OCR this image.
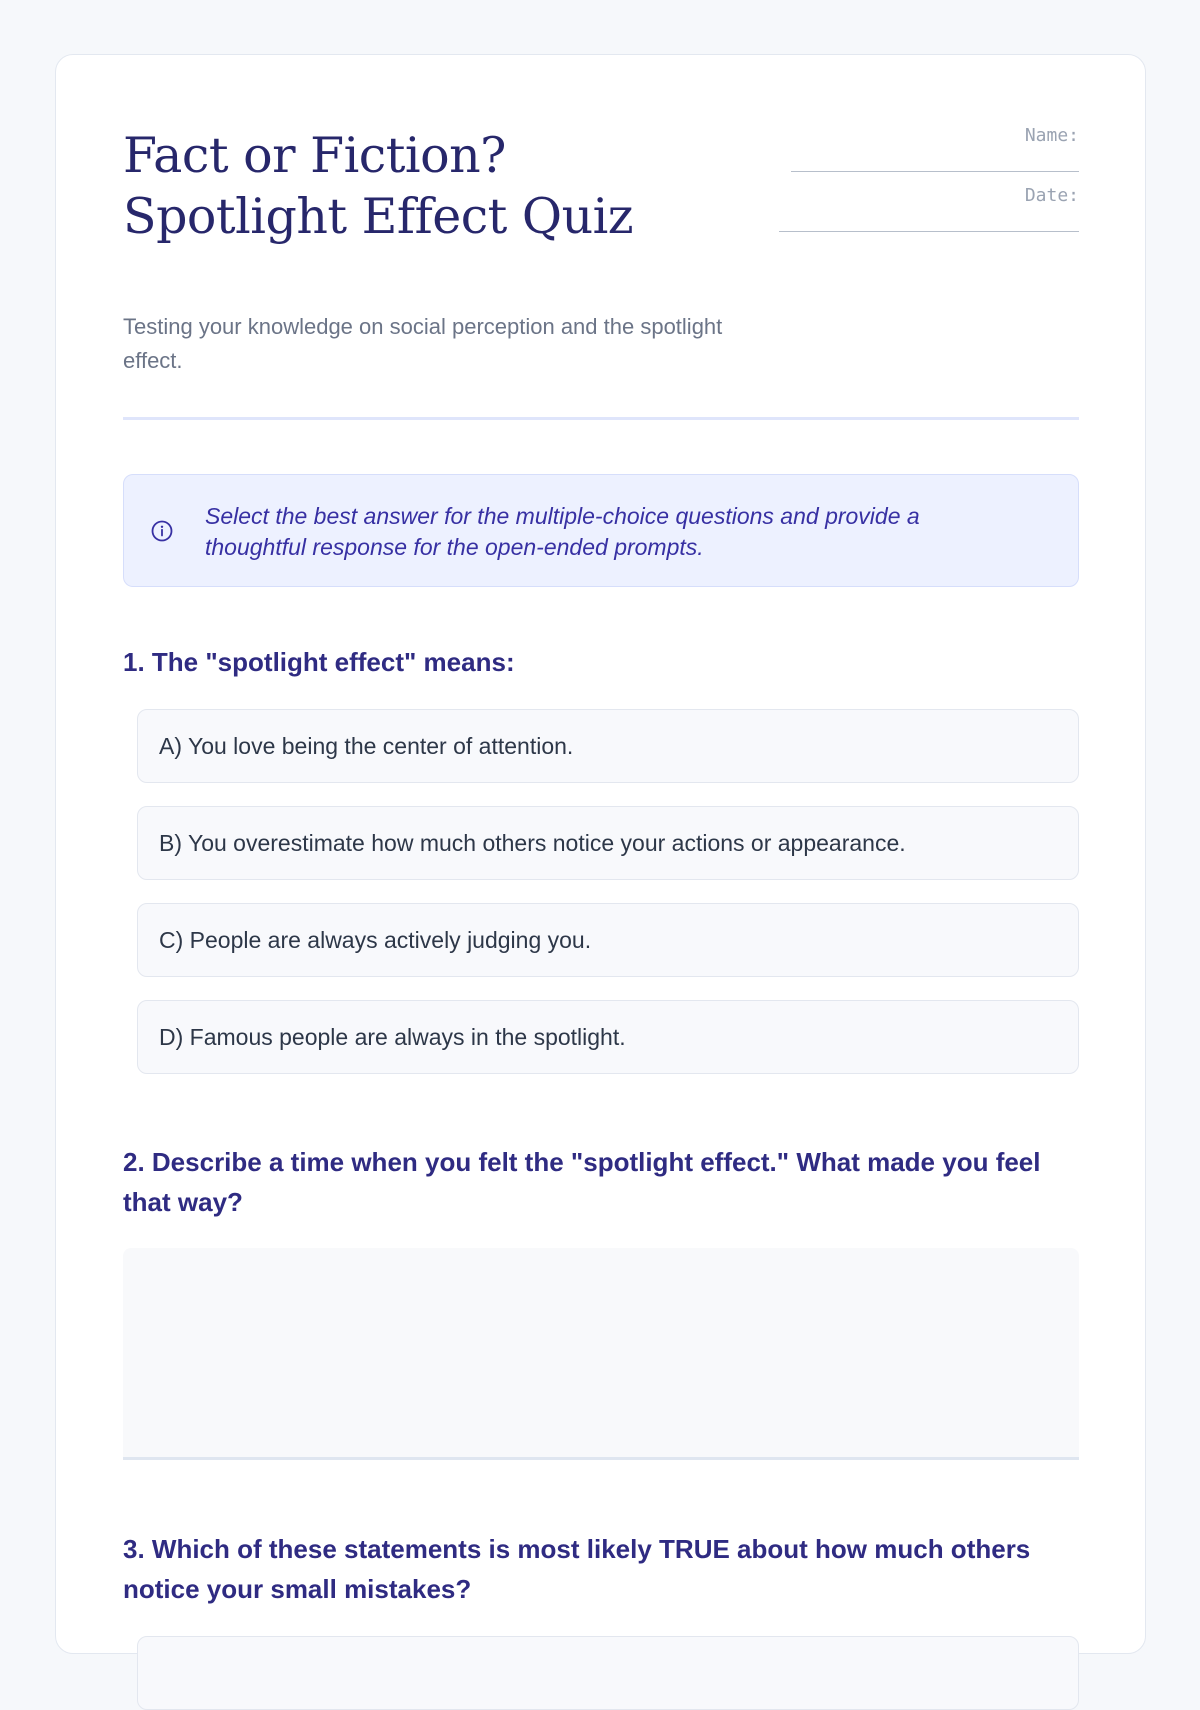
Fact or Fiction? Spotlight Effect Quiz

Testing your knowledge on social perception and the spotlight effect.

Name:
Date:
Select the best answer for the multiple-choice questions and provide a thoughtful response for the open-ended prompts.
1. The "spotlight effect" means:
A) You love being the center of attention.
B) You overestimate how much others notice your actions or appearance.
C) People are always actively judging you.
D) Famous people are always in the spotlight.
2. Describe a time when you felt the "spotlight effect." What made you feel that way?
3. Which of these statements is most likely TRUE about how much others notice your small mistakes?
